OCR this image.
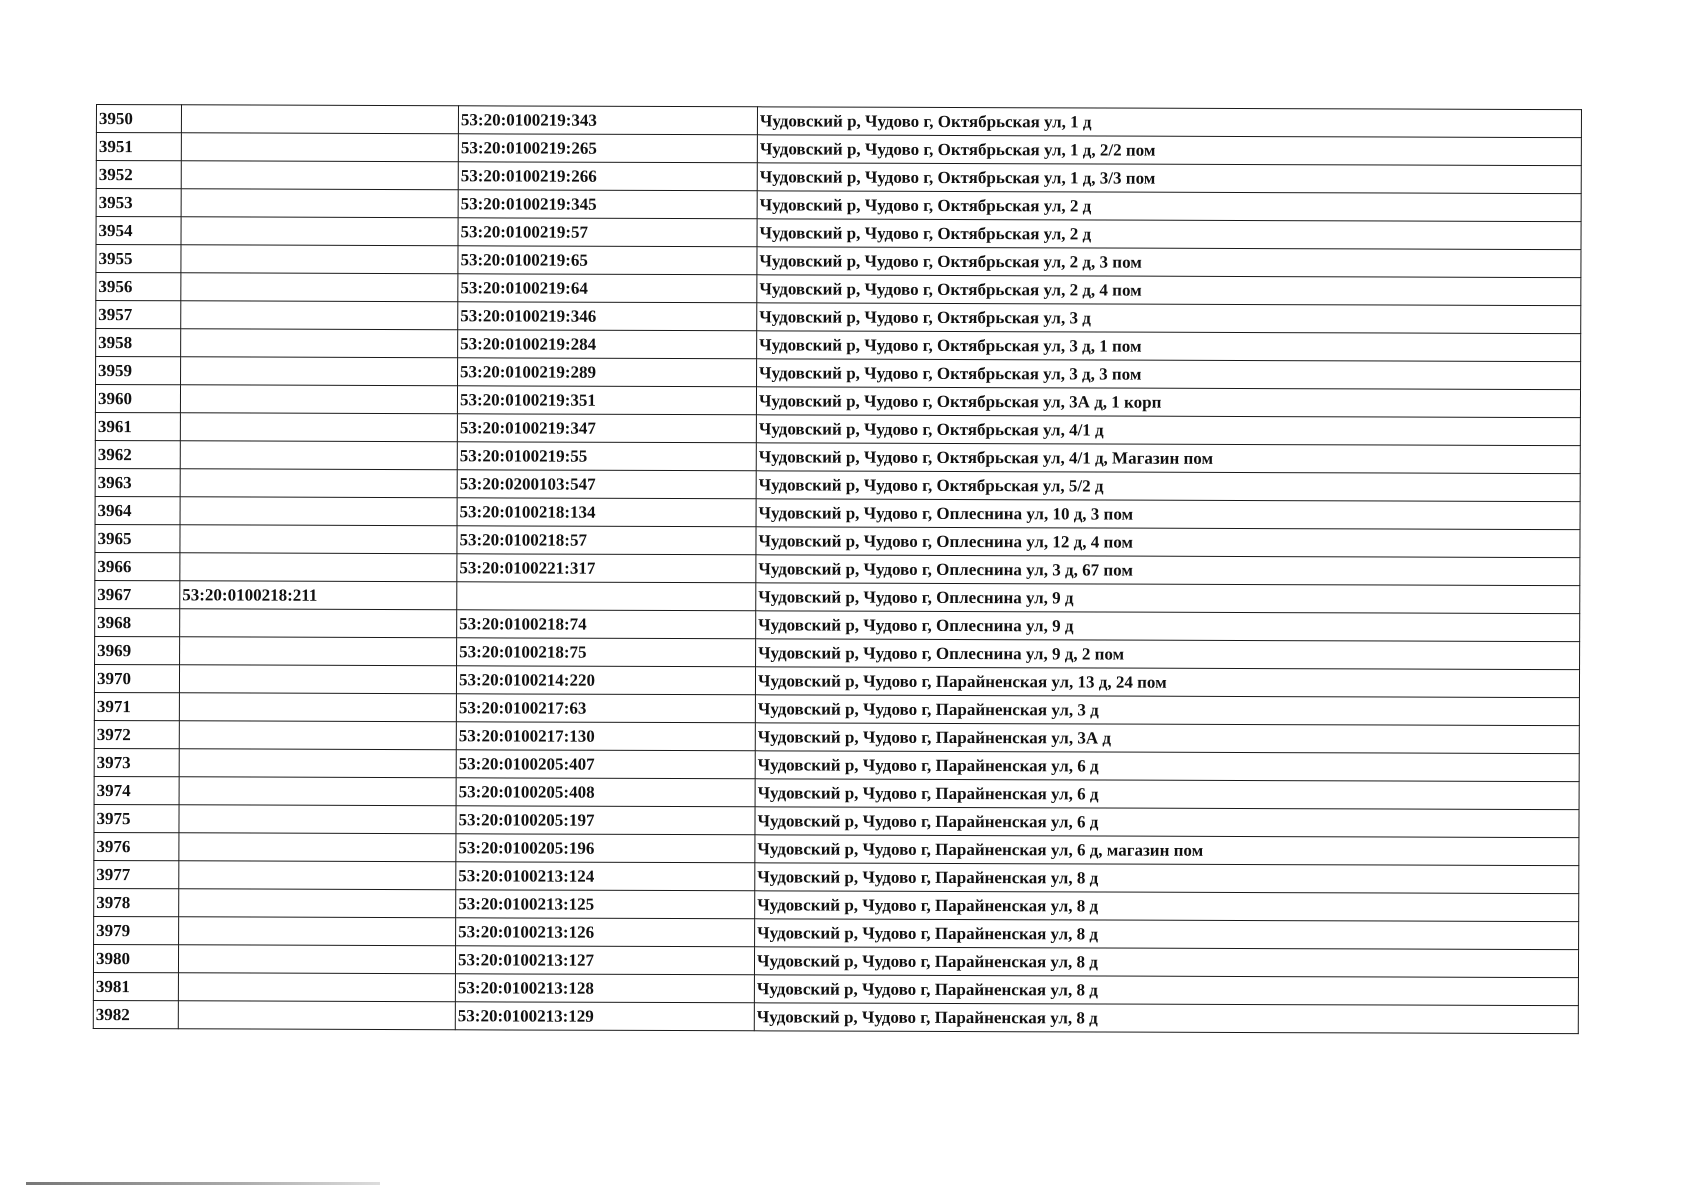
3950		53:20:0100219:343	Чудовский р, Чудово г, Октябрьская ул, 1 д
3951		53:20:0100219:265	Чудовский р, Чудово г, Октябрьская ул, 1 д, 2/2 пом
3952		53:20:0100219:266	Чудовский р, Чудово г, Октябрьская ул, 1 д, 3/3 пом
3953		53:20:0100219:345	Чудовский р, Чудово г, Октябрьская ул, 2 д
3954		53:20:0100219:57	Чудовский р, Чудово г, Октябрьская ул, 2 д
3955		53:20:0100219:65	Чудовский р, Чудово г, Октябрьская ул, 2 д, 3 пом
3956		53:20:0100219:64	Чудовский р, Чудово г, Октябрьская ул, 2 д, 4 пом
3957		53:20:0100219:346	Чудовский р, Чудово г, Октябрьская ул, 3 д
3958		53:20:0100219:284	Чудовский р, Чудово г, Октябрьская ул, 3 д, 1 пом
3959		53:20:0100219:289	Чудовский р, Чудово г, Октябрьская ул, 3 д, 3 пом
3960		53:20:0100219:351	Чудовский р, Чудово г, Октябрьская ул, 3А д, 1 корп
3961		53:20:0100219:347	Чудовский р, Чудово г, Октябрьская ул, 4/1 д
3962		53:20:0100219:55	Чудовский р, Чудово г, Октябрьская ул, 4/1 д, Магазин пом
3963		53:20:0200103:547	Чудовский р, Чудово г, Октябрьская ул, 5/2 д
3964		53:20:0100218:134	Чудовский р, Чудово г, Оплеснина ул, 10 д, 3 пом
3965		53:20:0100218:57	Чудовский р, Чудово г, Оплеснина ул, 12 д, 4 пом
3966		53:20:0100221:317	Чудовский р, Чудово г, Оплеснина ул, 3 д, 67 пом
3967	53:20:0100218:211		Чудовский р, Чудово г, Оплеснина ул, 9 д
3968		53:20:0100218:74	Чудовский р, Чудово г, Оплеснина ул, 9 д
3969		53:20:0100218:75	Чудовский р, Чудово г, Оплеснина ул, 9 д, 2 пом
3970		53:20:0100214:220	Чудовский р, Чудово г, Парайненская ул, 13 д, 24 пом
3971		53:20:0100217:63	Чудовский р, Чудово г, Парайненская ул, 3 д
3972		53:20:0100217:130	Чудовский р, Чудово г, Парайненская ул, 3А д
3973		53:20:0100205:407	Чудовский р, Чудово г, Парайненская ул, 6 д
3974		53:20:0100205:408	Чудовский р, Чудово г, Парайненская ул, 6 д
3975		53:20:0100205:197	Чудовский р, Чудово г, Парайненская ул, 6 д
3976		53:20:0100205:196	Чудовский р, Чудово г, Парайненская ул, 6 д, магазин пом
3977		53:20:0100213:124	Чудовский р, Чудово г, Парайненская ул, 8 д
3978		53:20:0100213:125	Чудовский р, Чудово г, Парайненская ул, 8 д
3979		53:20:0100213:126	Чудовский р, Чудово г, Парайненская ул, 8 д
3980		53:20:0100213:127	Чудовский р, Чудово г, Парайненская ул, 8 д
3981		53:20:0100213:128	Чудовский р, Чудово г, Парайненская ул, 8 д
3982		53:20:0100213:129	Чудовский р, Чудово г, Парайненская ул, 8 д
